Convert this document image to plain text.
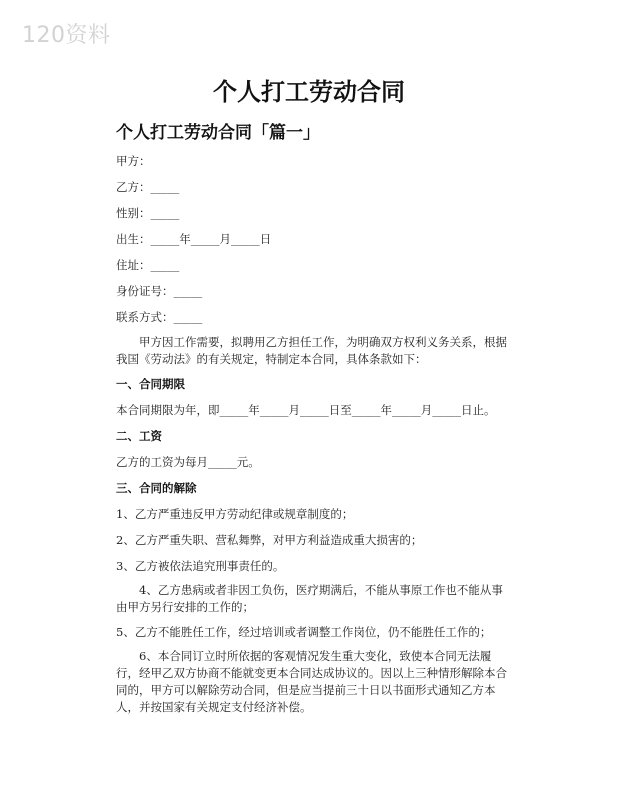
120资料
个人打工劳动合同
个人打工劳动合同「篇一」
甲方：
乙方：_____
性别：_____
出生：_____年_____月_____日
住址：_____
身份证号：_____
联系方式：_____
甲方因工作需要，拟聘用乙方担任工作，为明确双方权利义务关系，根据我国《劳动法》的有关规定，特制定本合同，具体条款如下：
一、合同期限
本合同期限为年，即_____年_____月_____日至_____年_____月_____日止。
二、工资
乙方的工资为每月_____元。
三、合同的解除
1、乙方严重违反甲方劳动纪律或规章制度的；
2、乙方严重失职、营私舞弊，对甲方利益造成重大损害的；
3、乙方被依法追究刑事责任的。
4、乙方患病或者非因工负伤，医疗期满后，不能从事原工作也不能从事由甲方另行安排的工作的；
5、乙方不能胜任工作，经过培训或者调整工作岗位，仍不能胜任工作的；
6、本合同订立时所依据的客观情况发生重大变化，致使本合同无法履行，经甲乙双方协商不能就变更本合同达成协议的。因以上三种情形解除本合同的，甲方可以解除劳动合同，但是应当提前三十日以书面形式通知乙方本人，并按国家有关规定支付经济补偿。
